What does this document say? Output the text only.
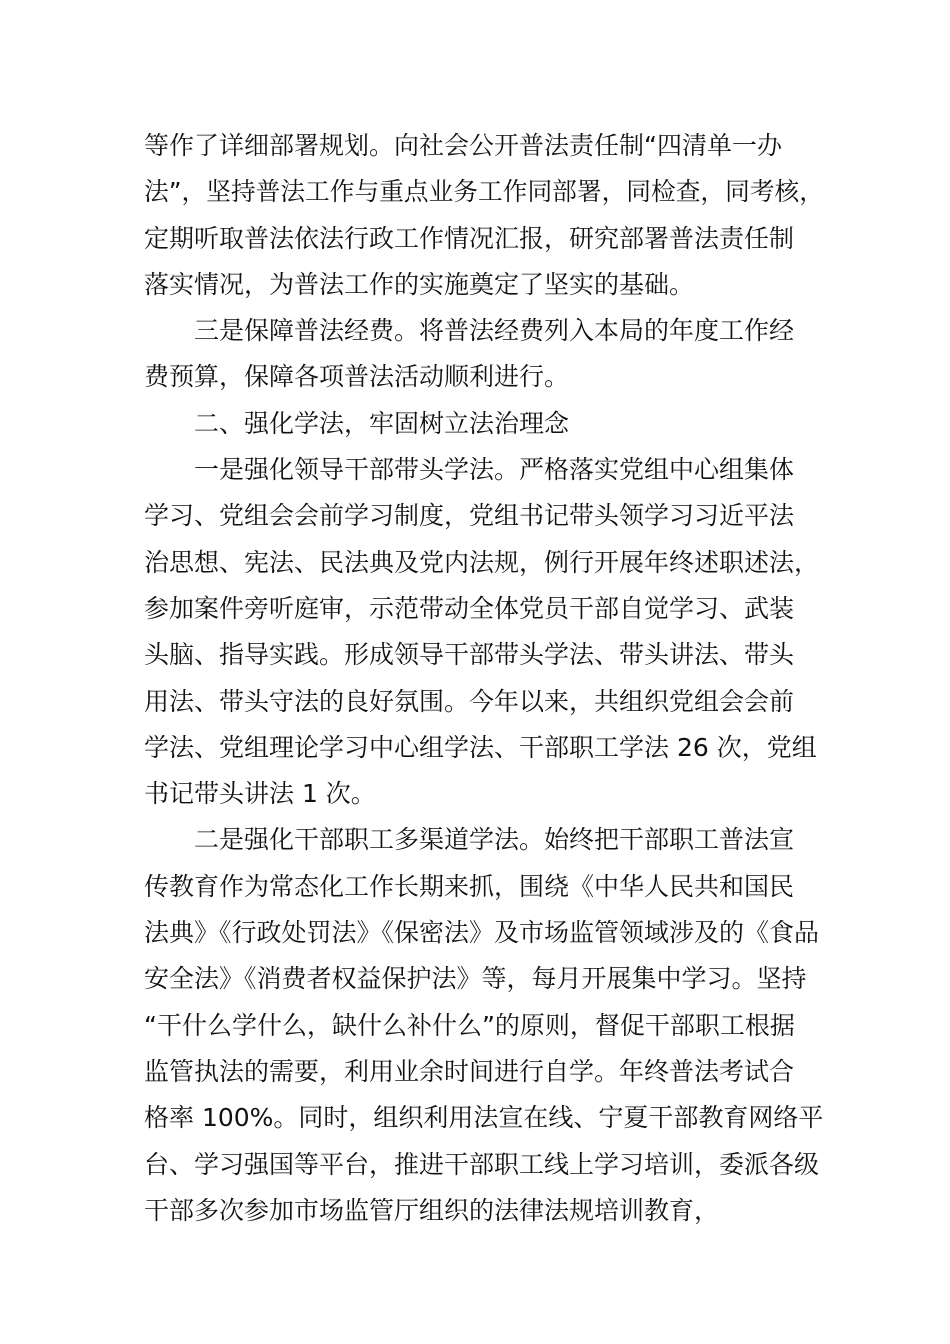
等作了详细部署规划。向社会公开普法责任制“四清单一办
法”，坚持普法工作与重点业务工作同部署，同检查，同考核，
定期听取普法依法行政工作情况汇报，研究部署普法责任制
落实情况，为普法工作的实施奠定了坚实的基础。
三是保障普法经费。将普法经费列入本局的年度工作经
费预算，保障各项普法活动顺利进行。
二、强化学法，牢固树立法治理念
一是强化领导干部带头学法。严格落实党组中心组集体
学习、党组会会前学习制度，党组书记带头领学习习近平法
治思想、宪法、民法典及党内法规，例行开展年终述职述法，
参加案件旁听庭审，示范带动全体党员干部自觉学习、武装
头脑、指导实践。形成领导干部带头学法、带头讲法、带头
用法、带头守法的良好氛围。今年以来，共组织党组会会前
学法、党组理论学习中心组学法、干部职工学法 26 次，党组
书记带头讲法 1 次。
二是强化干部职工多渠道学法。始终把干部职工普法宣
传教育作为常态化工作长期来抓，围绕《中华人民共和国民
法典》《行政处罚法》《保密法》及市场监管领域涉及的《食品
安全法》《消费者权益保护法》等，每月开展集中学习。坚持
“干什么学什么，缺什么补什么”的原则，督促干部职工根据
监管执法的需要，利用业余时间进行自学。年终普法考试合
格率 100%。同时，组织利用法宣在线、宁夏干部教育网络平
台、学习强国等平台，推进干部职工线上学习培训，委派各级
干部多次参加市场监管厅组织的法律法规培训教育，
